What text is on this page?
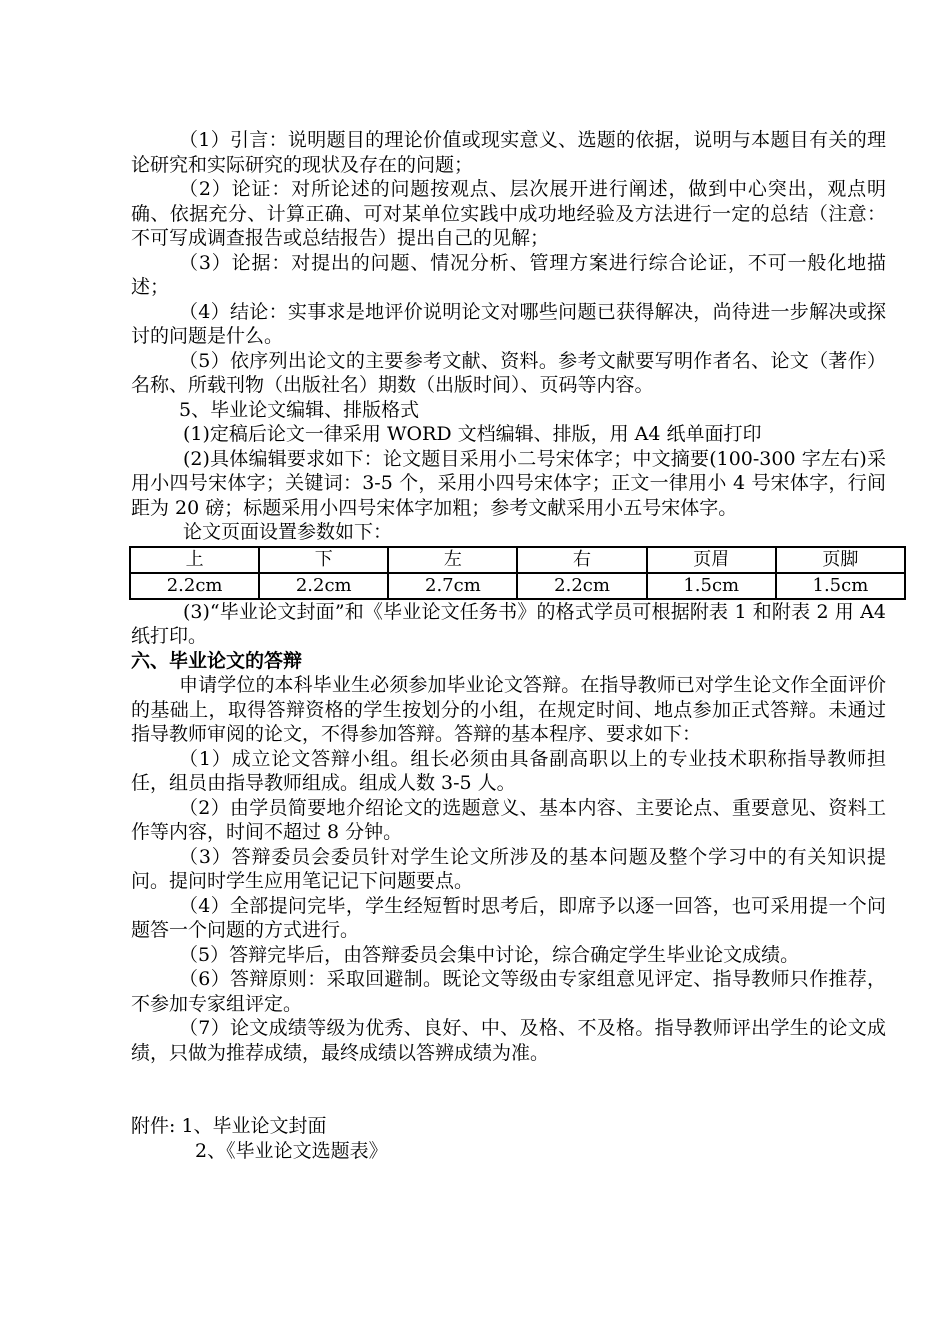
（1）引言：说明题目的理论价值或现实意义、选题的依据，说明与本题目有关的理论研究和实际研究的现状及存在的问题；

（2）论证：对所论述的问题按观点、层次展开进行阐述，做到中心突出，观点明确、依据充分、计算正确、可对某单位实践中成功地经验及方法进行一定的总结（注意：不可写成调查报告或总结报告）提出自己的见解；

（3）论据：对提出的问题、情况分析、管理方案进行综合论证，不可一般化地描述；

（4）结论：实事求是地评价说明论文对哪些问题已获得解决，尚待进一步解决或探讨的问题是什么。

（5）依序列出论文的主要参考文献、资料。参考文献要写明作者名、论文（著作）名称、所载刊物（出版社名）期数（出版时间）、页码等内容。

5、毕业论文编辑、排版格式

(1)定稿后论文一律采用 WORD 文档编辑、排版，用 A4 纸单面打印

(2)具体编辑要求如下：论文题目采用小二号宋体字；中文摘要(100-300 字左右)采用小四号宋体字；关键词：3-5 个，采用小四号宋体字；正文一律用小 4 号宋体字，行间距为 20 磅；标题采用小四号宋体字加粗；参考文献采用小五号宋体字。

论文页面设置参数如下：

上	下	左	右	页眉	页脚
2.2cm	2.2cm	2.7cm	2.2cm	1.5cm	1.5cm

(3)“毕业论文封面”和《毕业论文任务书》的格式学员可根据附表 1 和附表 2 用 A4 纸打印。

六、毕业论文的答辩

申请学位的本科毕业生必须参加毕业论文答辩。在指导教师已对学生论文作全面评价的基础上，取得答辩资格的学生按划分的小组，在规定时间、地点参加正式答辩。未通过指导教师审阅的论文，不得参加答辩。答辩的基本程序、要求如下：

（1）成立论文答辩小组。组长必须由具备副高职以上的专业技术职称指导教师担任，组员由指导教师组成。组成人数 3-5 人。

（2）由学员简要地介绍论文的选题意义、基本内容、主要论点、重要意见、资料工作等内容，时间不超过 8 分钟。

（3）答辩委员会委员针对学生论文所涉及的基本问题及整个学习中的有关知识提问。提问时学生应用笔记记下问题要点。

（4）全部提问完毕，学生经短暂时思考后，即席予以逐一回答，也可采用提一个问题答一个问题的方式进行。

（5）答辩完毕后，由答辩委员会集中讨论，综合确定学生毕业论文成绩。

（6）答辩原则：采取回避制。既论文等级由专家组意见评定、指导教师只作推荐，不参加专家组评定。

（7）论文成绩等级为优秀、良好、中、及格、不及格。指导教师评出学生的论文成绩，只做为推荐成绩，最终成绩以答辨成绩为准。

附件: 1、毕业论文封面

2、《毕业论文选题表》
